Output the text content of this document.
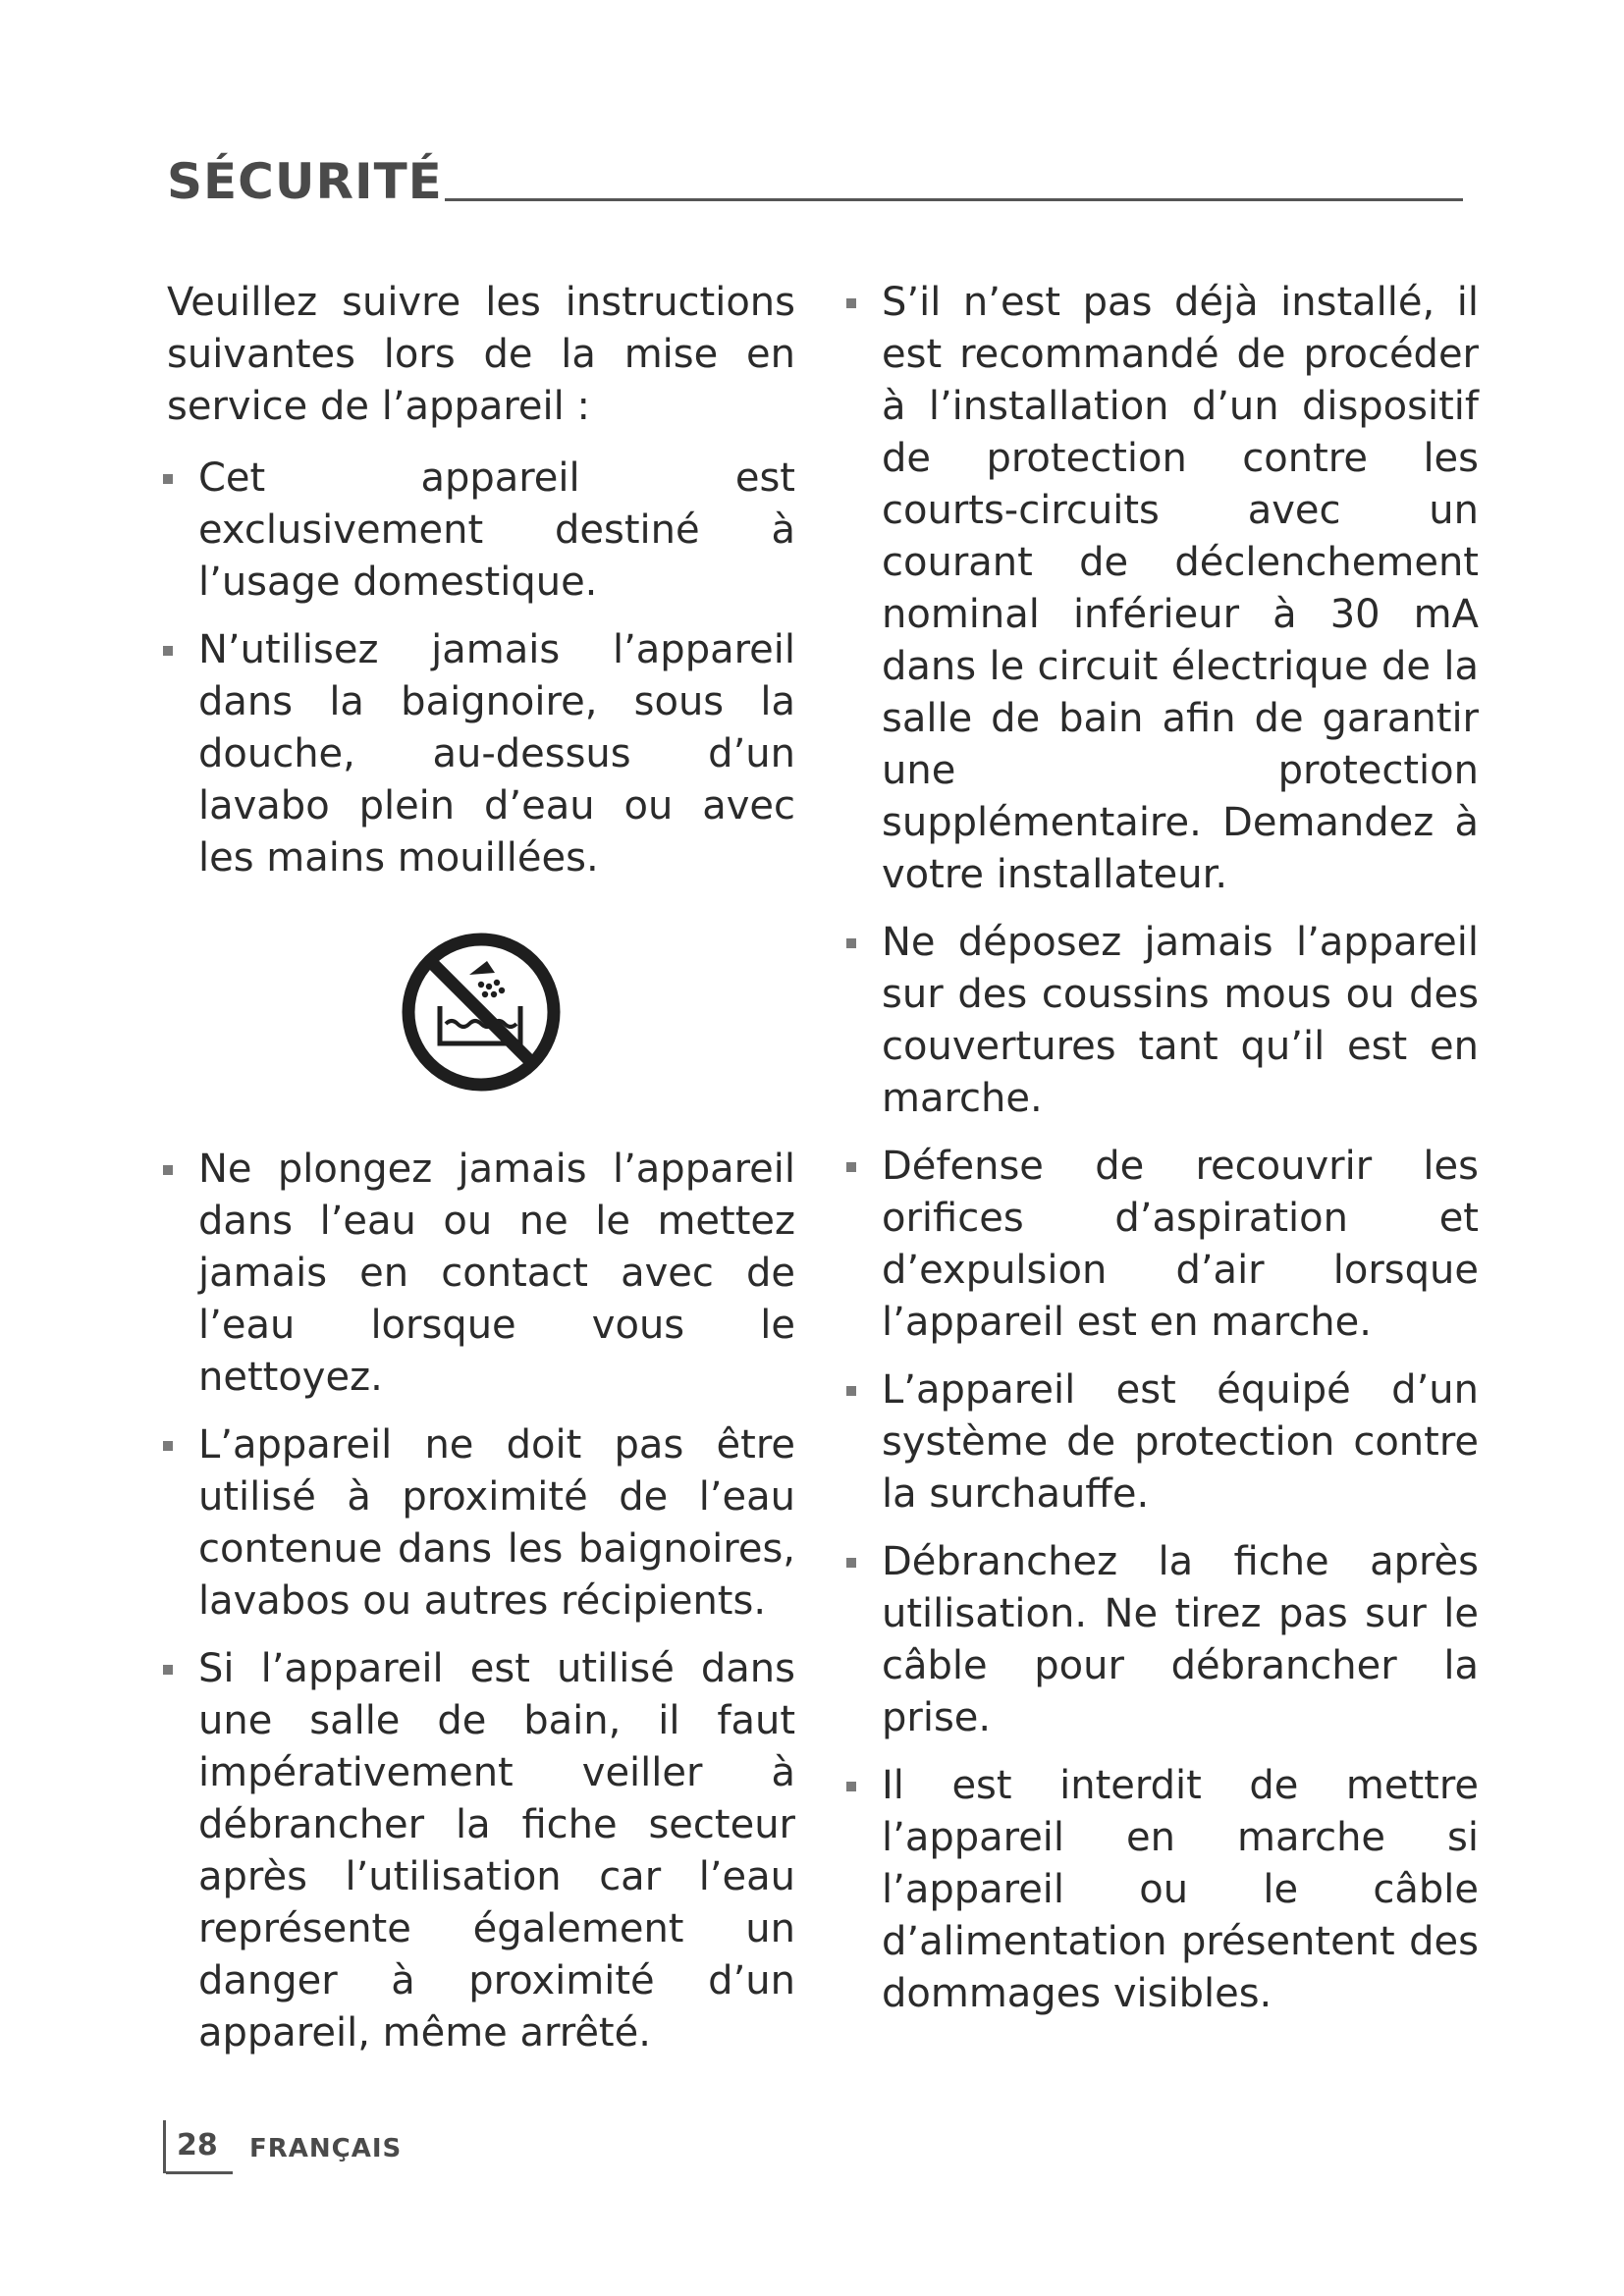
SÉCURITÉ

Veuillez suivre les instructions suivantes lors de la mise en service de l’appareil :

Cet appareil est exclusivement destiné à l’usage domestique.
N’utilisez jamais l’appareil dans la baignoire, sous la douche, au-dessus d’un lavabo plein d’eau ou avec les mains mouillées.
Ne plongez jamais l’appareil dans l’eau ou ne le mettez jamais en contact avec de l’eau lorsque vous le nettoyez.
L’appareil ne doit pas être utilisé à proximité de l’eau contenue dans les baignoires, lavabos ou autres récipients.
Si l’appareil est utilisé dans une salle de bain, il faut impérativement veiller à débrancher la fiche secteur après l’utilisation car l’eau représente également un danger à proximité d’un appareil, même arrêté.
S’il n’est pas déjà installé, il est recommandé de procéder à l’installation d’un dispositif de protection contre les courts-circuits avec un courant de déclenchement nominal inférieur à 30 mA dans le circuit électrique de la salle de bain afin de garantir une protection supplémentaire. Demandez à votre installateur.
Ne déposez jamais l’appareil sur des coussins mous ou des couvertures tant qu’il est en marche.
Défense de recouvrir les orifices d’aspiration et d’expulsion d’air lorsque l’appareil est en marche.
L’appareil est équipé d’un système de protection contre la surchauffe.
Débranchez la fiche après utilisation. Ne tirez pas sur le câble pour débrancher la prise.
Il est interdit de mettre l’appareil en marche si l’appareil ou le câble d’alimentation présentent des dommages visibles.
28 FRANÇAIS
